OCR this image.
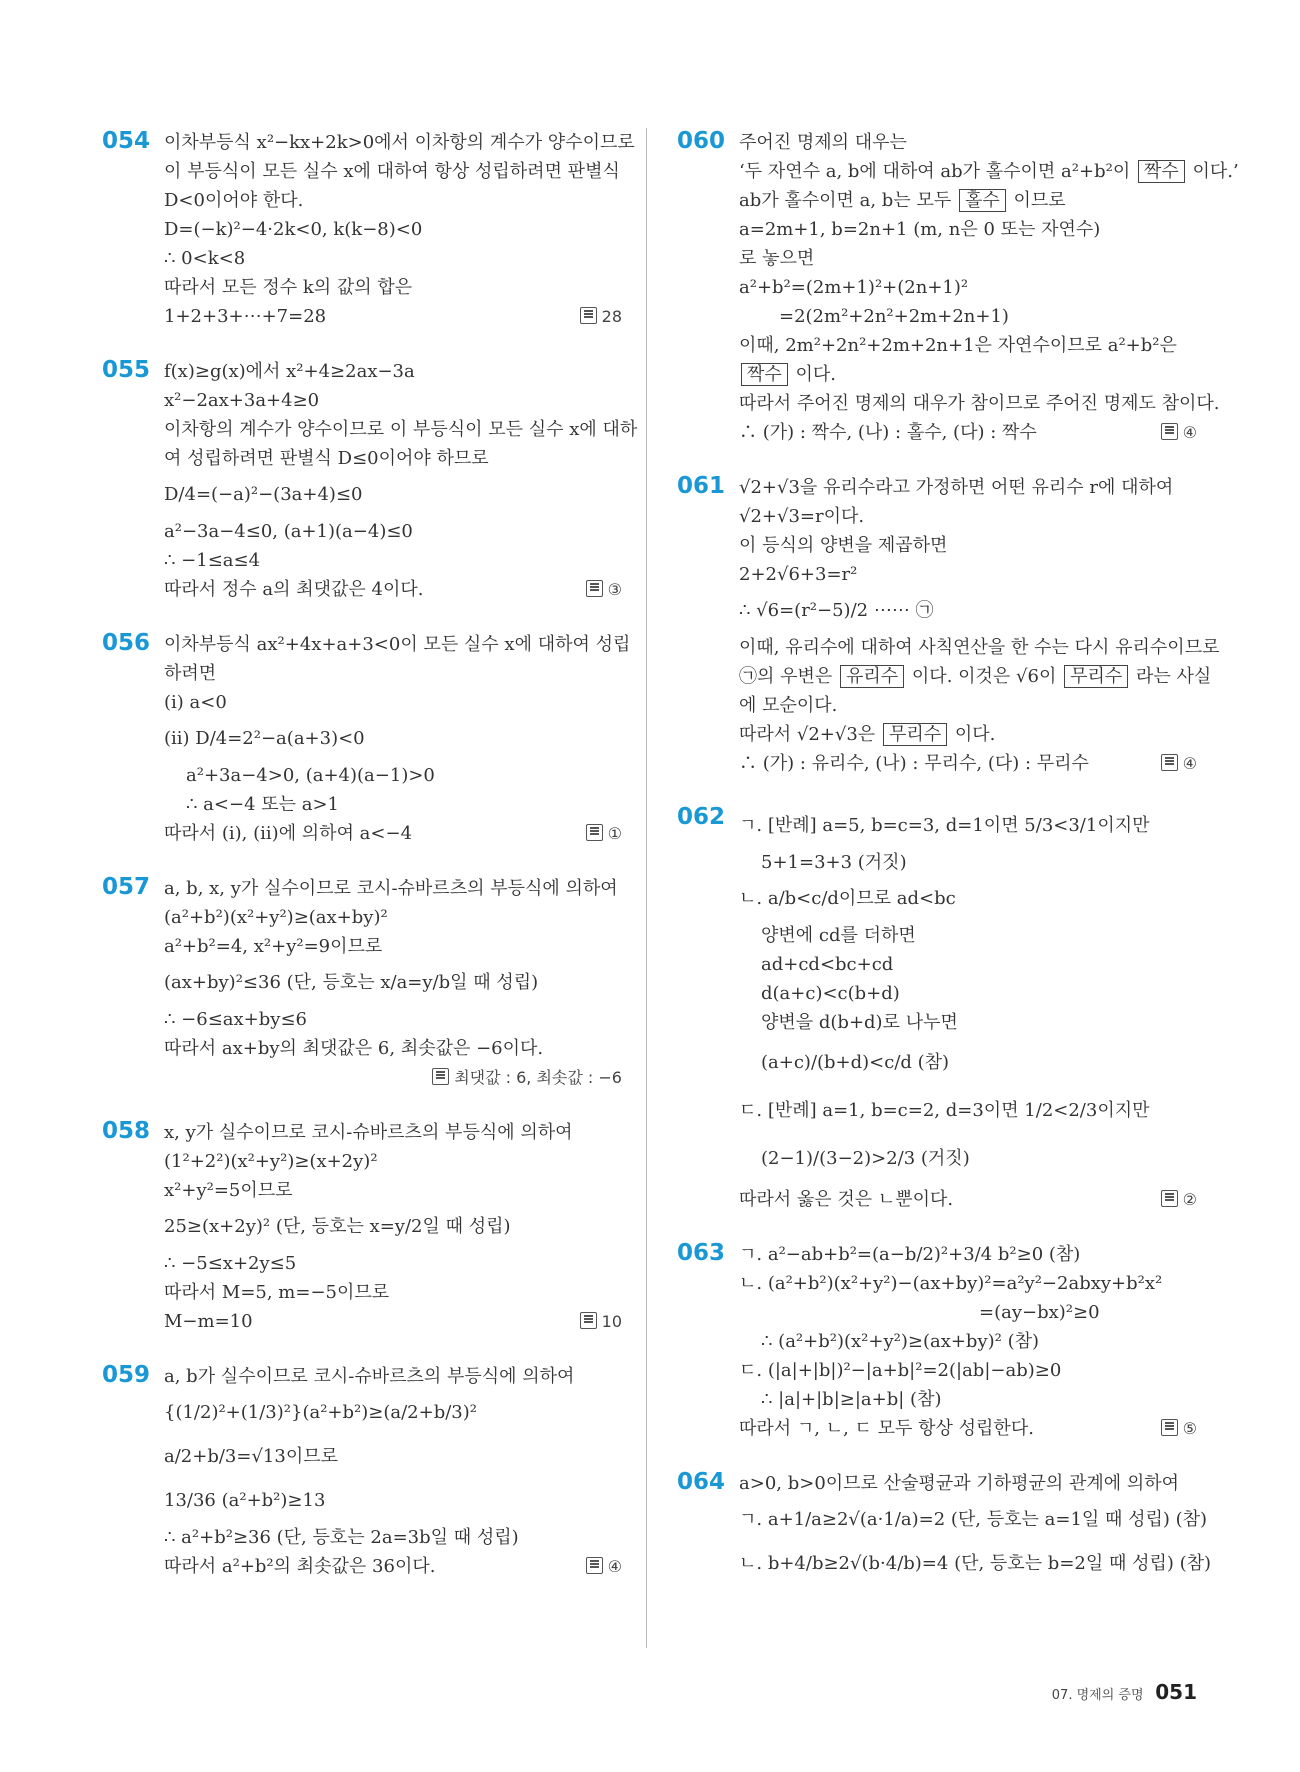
054 이차부등식 x²−kx+2k>0에서 이차항의 계수가 양수이므로
이 부등식이 모든 실수 x에 대하여 항상 성립하려면 판별식
D<0이어야 한다.
D=(−k)²−4·2k<0, k(k−8)<0
∴ 0<k<8
따라서 모든 정수 k의 값의 합은
1+2+3+⋯+7=28	28
055 f(x)≥g(x)에서 x²+4≥2ax−3a
x²−2ax+3a+4≥0
이차항의 계수가 양수이므로 이 부등식이 모든 실수 x에 대하
여 성립하려면 판별식 D≤0이어야 하므로
D/4=(−a)²−(3a+4)≤0
a²−3a−4≤0, (a+1)(a−4)≤0
∴ −1≤a≤4
따라서 정수 a의 최댓값은 4이다.	③
056 이차부등식 ax²+4x+a+3<0이 모든 실수 x에 대하여 성립
하려면
(i) a<0
(ii) D/4=2²−a(a+3)<0
a²+3a−4>0, (a+4)(a−1)>0
∴ a<−4 또는 a>1
따라서 (i), (ii)에 의하여 a<−4	①
057 a, b, x, y가 실수이므로 코시-슈바르츠의 부등식에 의하여
(a²+b²)(x²+y²)≥(ax+by)²
a²+b²=4, x²+y²=9이므로
(ax+by)²≤36 (단, 등호는 x/a=y/b일 때 성립)
∴ −6≤ax+by≤6
따라서 ax+by의 최댓값은 6, 최솟값은 −6이다.
최댓값 : 6, 최솟값 : −6
058 x, y가 실수이므로 코시-슈바르츠의 부등식에 의하여
(1²+2²)(x²+y²)≥(x+2y)²
x²+y²=5이므로
25≥(x+2y)² (단, 등호는 x=y/2일 때 성립)
∴ −5≤x+2y≤5
따라서 M=5, m=−5이므로
M−m=10	10
059 a, b가 실수이므로 코시-슈바르츠의 부등식에 의하여
{(1/2)²+(1/3)²}(a²+b²)≥(a/2+b/3)²
a/2+b/3=√13이므로
13/36 (a²+b²)≥13
∴ a²+b²≥36 (단, 등호는 2a=3b일 때 성립)
따라서 a²+b²의 최솟값은 36이다.	④
060 주어진 명제의 대우는
‘두 자연수 a, b에 대하여 ab가 홀수이면 a²+b²이 짝수 이다.’
ab가 홀수이면 a, b는 모두 홀수 이므로
a=2m+1, b=2n+1 (m, n은 0 또는 자연수)
로 놓으면
a²+b²=(2m+1)²+(2n+1)²
=2(2m²+2n²+2m+2n+1)
이때, 2m²+2n²+2m+2n+1은 자연수이므로 a²+b²은
짝수 이다.
따라서 주어진 명제의 대우가 참이므로 주어진 명제도 참이다.
∴ (가) : 짝수, (나) : 홀수, (다) : 짝수	④
061 √2+√3을 유리수라고 가정하면 어떤 유리수 r에 대하여
√2+√3=r이다.
이 등식의 양변을 제곱하면
2+2√6+3=r²
∴ √6=(r²−5)/2 ⋯⋯ ㉠
이때, 유리수에 대하여 사칙연산을 한 수는 다시 유리수이므로
㉠의 우변은 유리수 이다. 이것은 √6이 무리수 라는 사실
에 모순이다.
따라서 √2+√3은 무리수 이다.
∴ (가) : 유리수, (나) : 무리수, (다) : 무리수	④
062 ㄱ. [반례] a=5, b=c=3, d=1이면 5/3<3/1이지만
5+1=3+3 (거짓)
ㄴ. a/b<c/d이므로 ad<bc
양변에 cd를 더하면
ad+cd<bc+cd
d(a+c)<c(b+d)
양변을 d(b+d)로 나누면
(a+c)/(b+d)<c/d (참)
ㄷ. [반례] a=1, b=c=2, d=3이면 1/2<2/3이지만
(2−1)/(3−2)>2/3 (거짓)
따라서 옳은 것은 ㄴ뿐이다.	②
063 ㄱ. a²−ab+b²=(a−b/2)²+3/4 b²≥0 (참)
ㄴ. (a²+b²)(x²+y²)−(ax+by)²=a²y²−2abxy+b²x²
=(ay−bx)²≥0
∴ (a²+b²)(x²+y²)≥(ax+by)² (참)
ㄷ. (|a|+|b|)²−|a+b|²=2(|ab|−ab)≥0
∴ |a|+|b|≥|a+b| (참)
따라서 ㄱ, ㄴ, ㄷ 모두 항상 성립한다.	⑤
064 a>0, b>0이므로 산술평균과 기하평균의 관계에 의하여
ㄱ. a+1/a≥2√(a·1/a)=2 (단, 등호는 a=1일 때 성립) (참)
ㄴ. b+4/b≥2√(b·4/b)=4 (단, 등호는 b=2일 때 성립) (참)
07. 명제의 증명 051
